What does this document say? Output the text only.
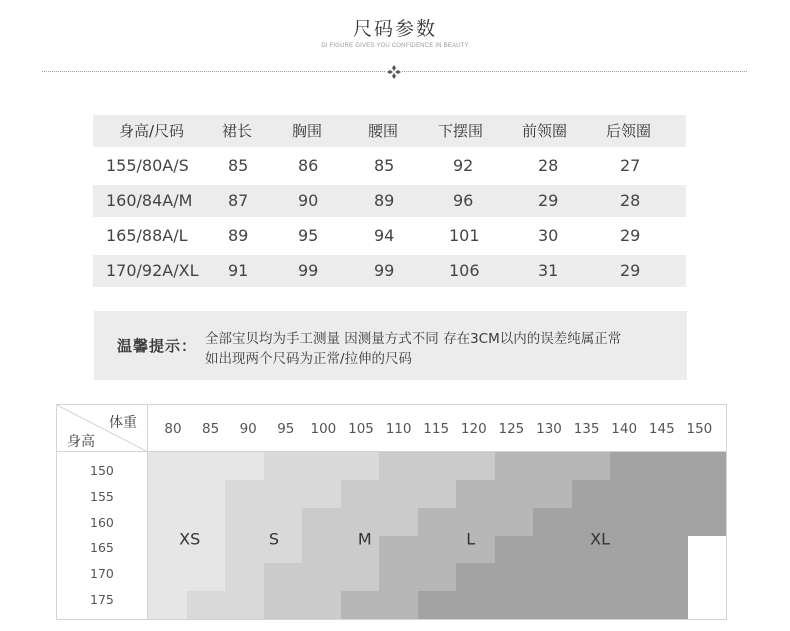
尺码参数
DI FIGURE GIVES YOU CONFIDENCE IN BEAUTY
身高/尺码	裙长	胸围	腰围	下摆围	前领圈	后领圈
155/80A/S 85	86	85	92	28	27
160/84A/M 87	90	89	96	29	28
165/88A/L	89	95	94	101	30	29
170/92A/XL 91	99	99	106	31	29
温馨提示： 全部宝贝均为手工测量 因测量方式不同 存在3CM以内的误差纯属正常
如出现两个尺码为正常/拉伸的尺码
体重
身高
80 85 90 95 100 105 110 115 120 125 130 135 140 145 150
150
155
160
165
170
175
XS	S	M	L	XL
